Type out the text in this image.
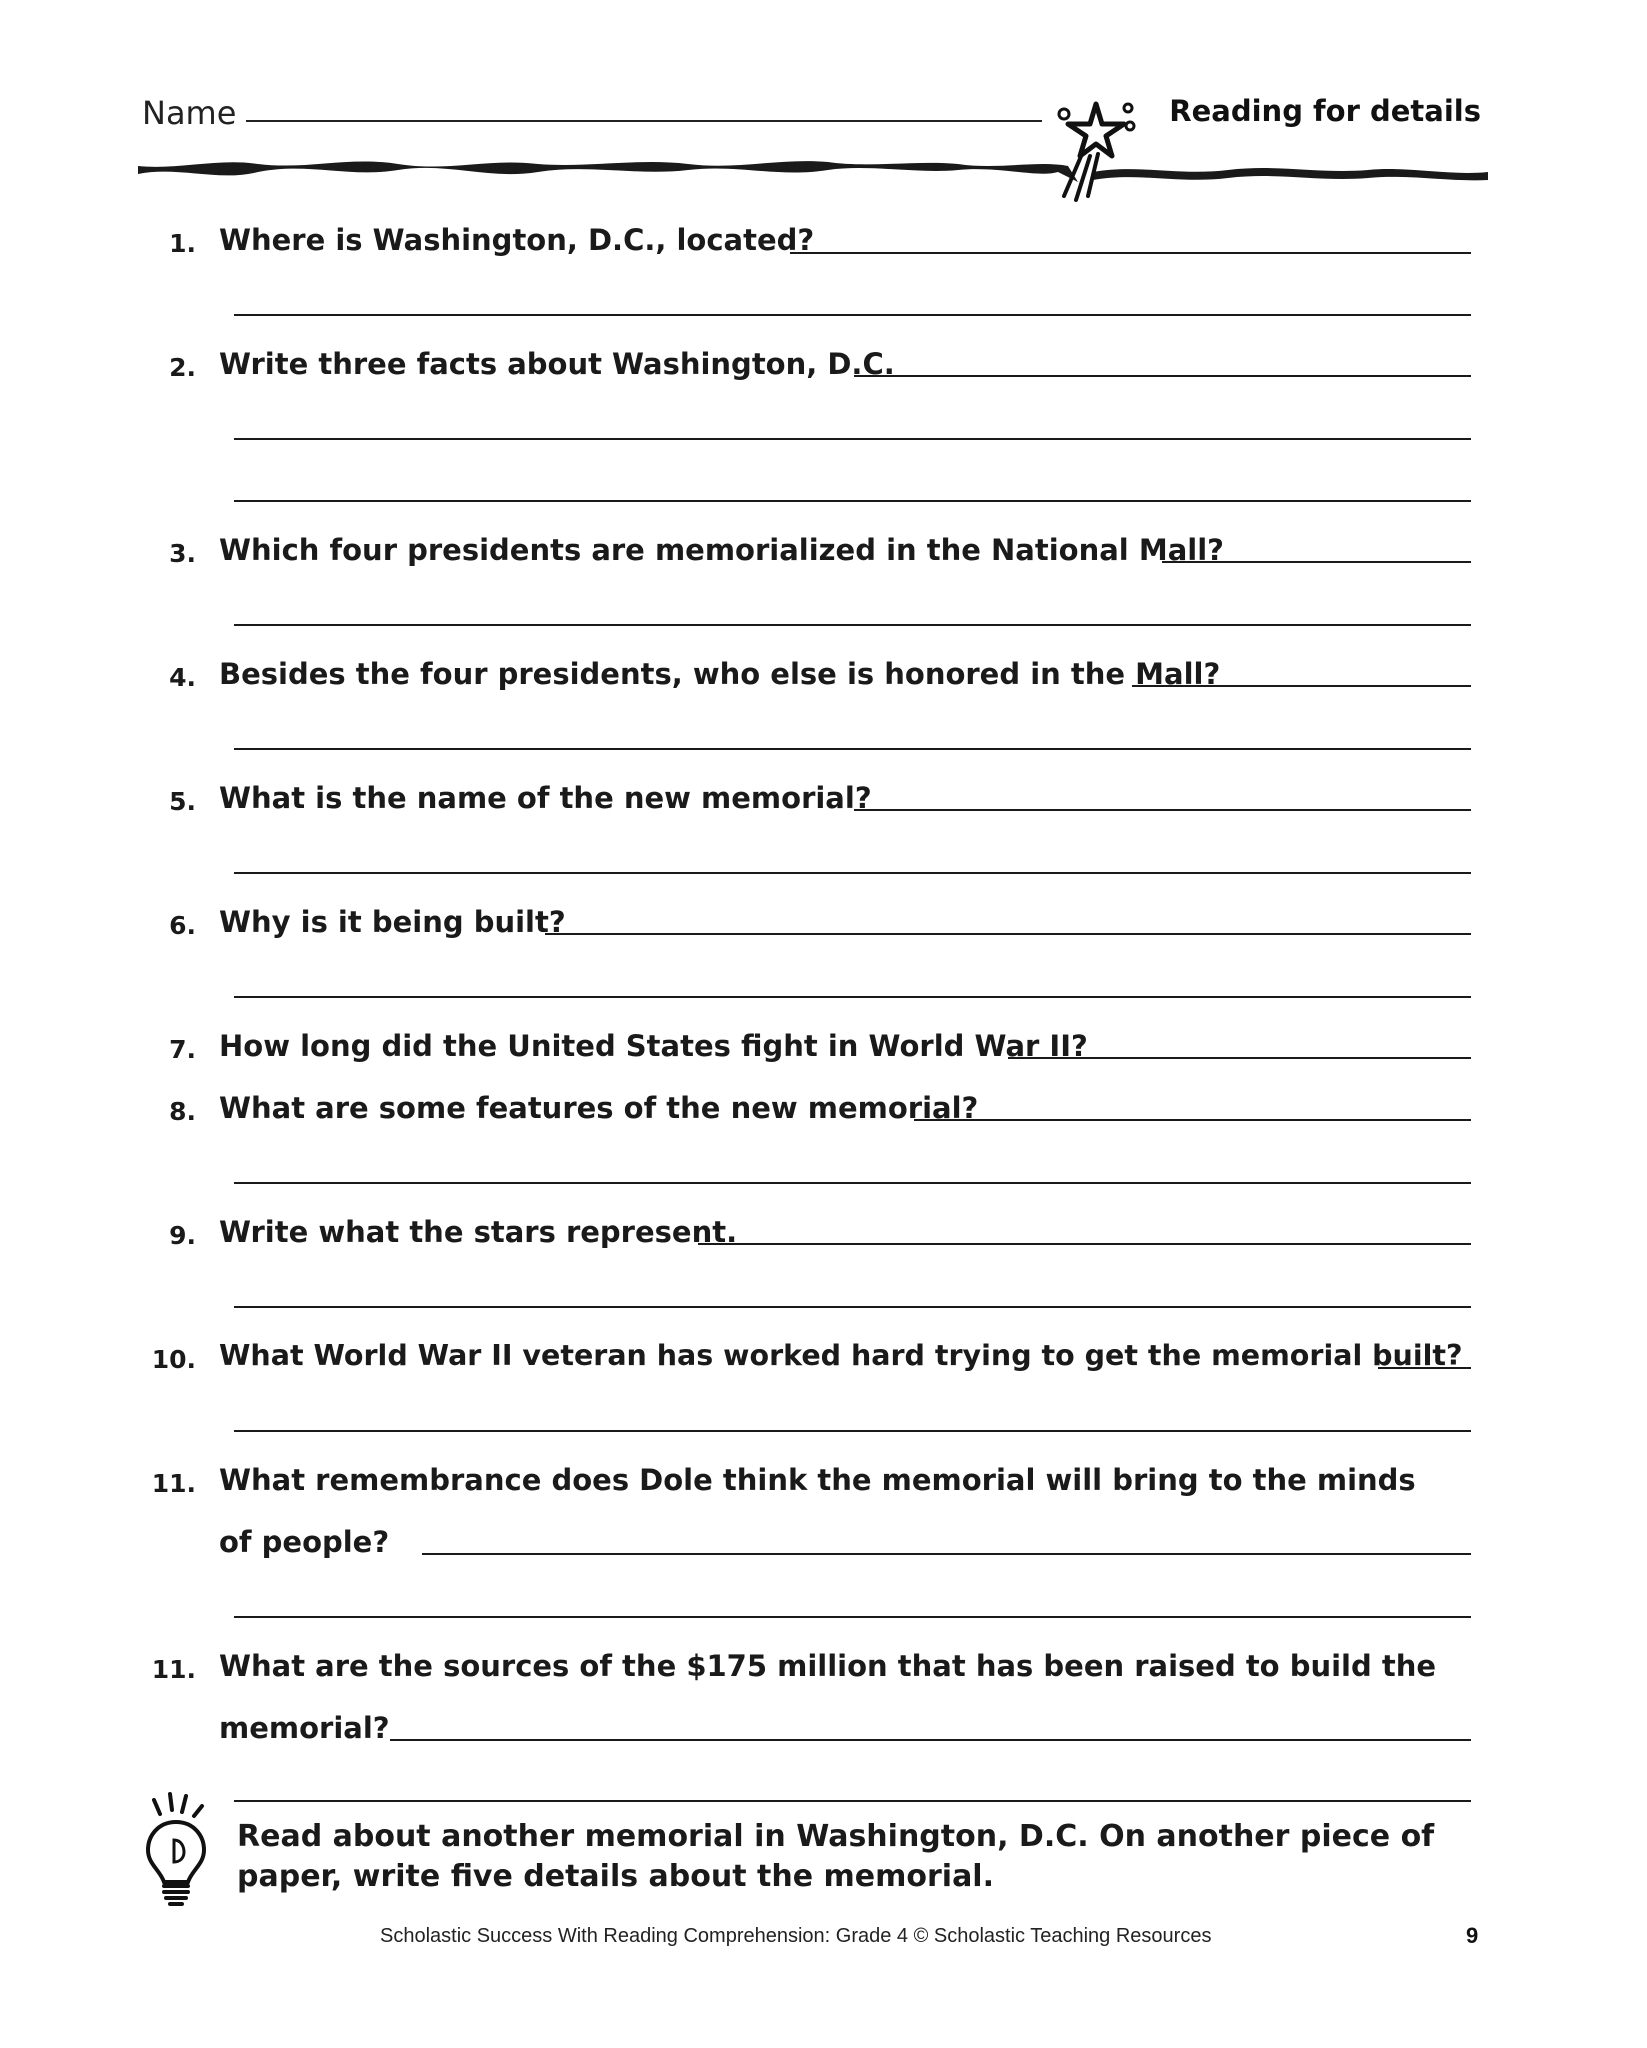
Name	Reading for details
1. Where is Washington, D.C., located?
2. Write three facts about Washington, D.C.
3. Which four presidents are memorialized in the National Mall?
4. Besides the four presidents, who else is honored in the Mall?
5. What is the name of the new memorial?
6. Why is it being built?
7. How long did the United States fight in World War II?
8. What are some features of the new memorial?
9. Write what the stars represent.
10. What World War II veteran has worked hard trying to get the memorial built?
11. What remembrance does Dole think the memorial will bring to the minds
of people?
11. What are the sources of the $175 million that has been raised to build the
memorial?
Read about another memorial in Washington, D.C. On another piece of paper, write five details about the memorial.
Scholastic Success With Reading Comprehension: Grade 4 © Scholastic Teaching Resources	9
